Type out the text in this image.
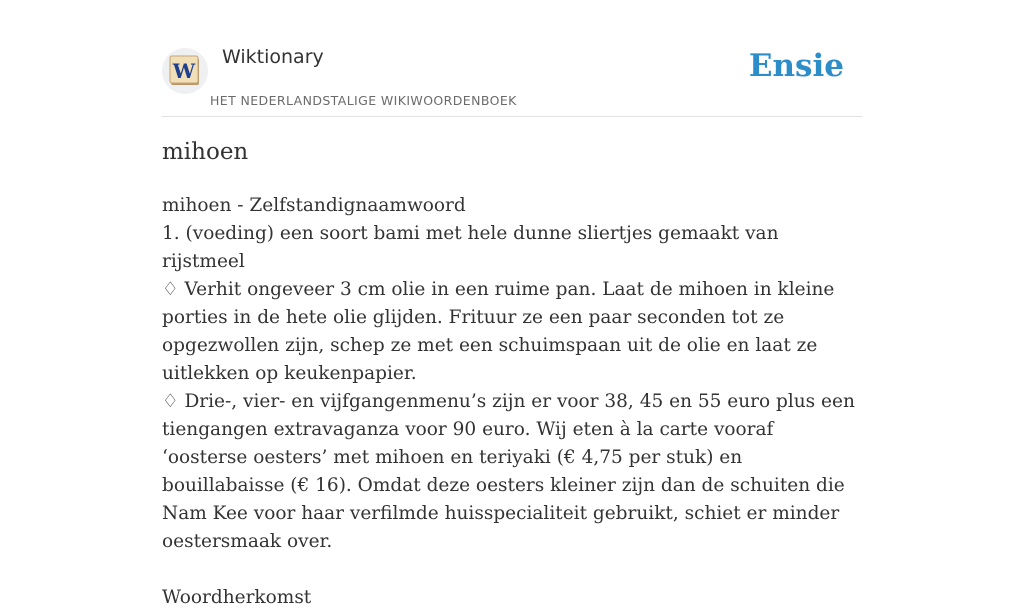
W
Wiktionary
HET NEDERLANDSTALIGE WIKIWOORDENBOEK
Ensie
mihoen

mihoen - Zelfstandignaamwoord

1. (voeding) een soort bami met hele dunne sliertjes gemaakt van rijstmeel

♢ Verhit ongeveer 3 cm olie in een ruime pan. Laat de mihoen in kleine porties in de hete olie glijden. Frituur ze een paar seconden tot ze opgezwollen zijn, schep ze met een schuimspaan uit de olie en laat ze uitlekken op keukenpapier.

♢ Drie-, vier- en vijfgangenmenu’s zijn er voor 38, 45 en 55 euro plus een tiengangen extravaganza voor 90 euro. Wij eten à la carte vooraf ‘oosterse oesters’ met mihoen en teriyaki (€ 4,75 per stuk) en bouillabaisse (€ 16). Omdat deze oesters kleiner zijn dan de schuiten die Nam Kee voor haar verfilmde huisspecialiteit gebruikt, schiet er minder oestersmaak over.

Woordherkomst
